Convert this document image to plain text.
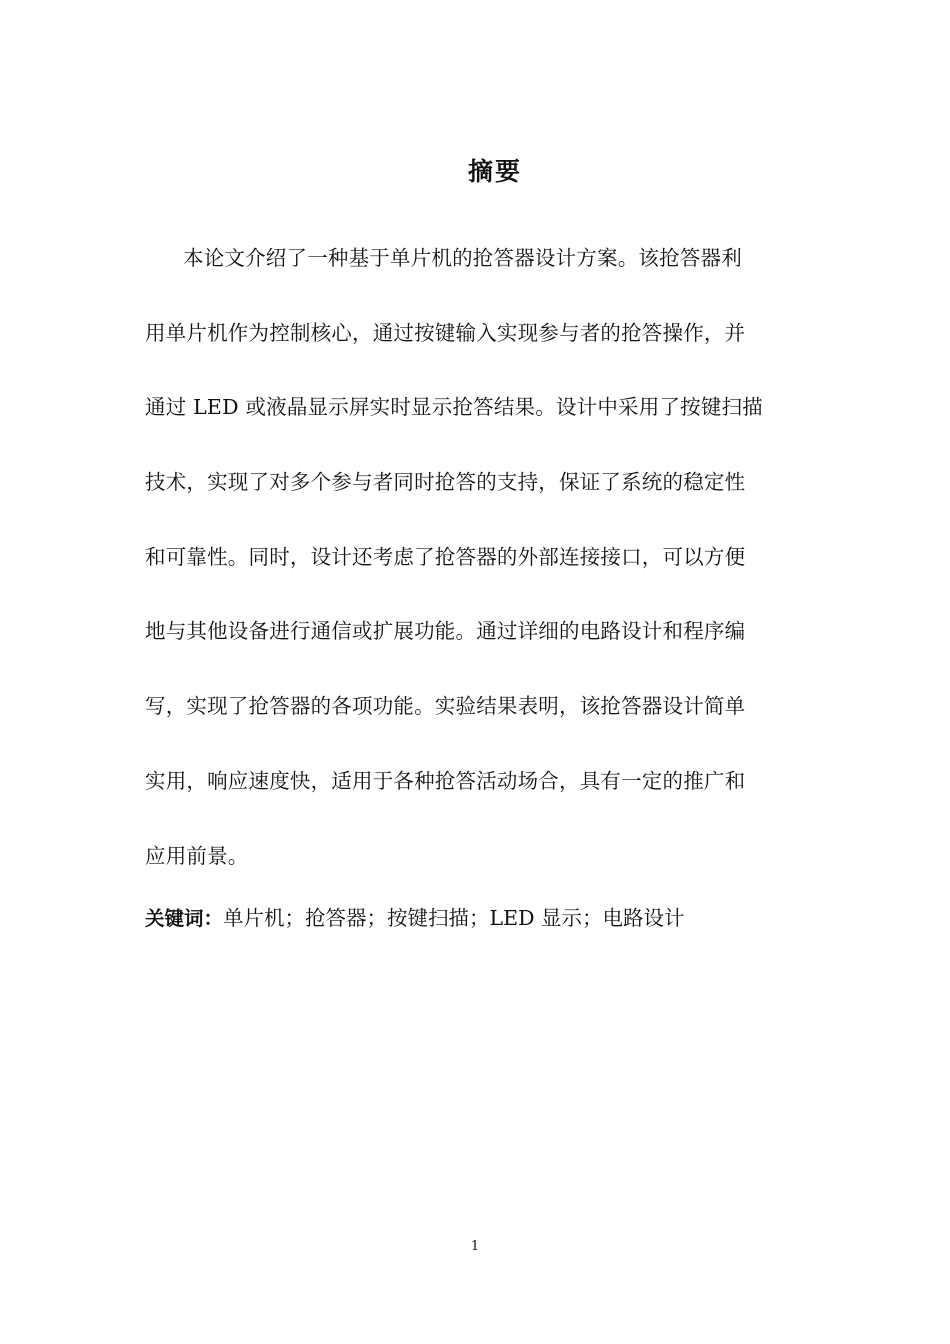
摘要
本论文介绍了一种基于单片机的抢答器设计方案。该抢答器利
用单片机作为控制核心，通过按键输入实现参与者的抢答操作，并
通过 LED 或液晶显示屏实时显示抢答结果。设计中采用了按键扫描
技术，实现了对多个参与者同时抢答的支持，保证了系统的稳定性
和可靠性。同时，设计还考虑了抢答器的外部连接接口，可以方便
地与其他设备进行通信或扩展功能。通过详细的电路设计和程序编
写，实现了抢答器的各项功能。实验结果表明，该抢答器设计简单
实用，响应速度快，适用于各种抢答活动场合，具有一定的推广和
应用前景。
关键词：单片机；抢答器；按键扫描；LED 显示；电路设计
1
